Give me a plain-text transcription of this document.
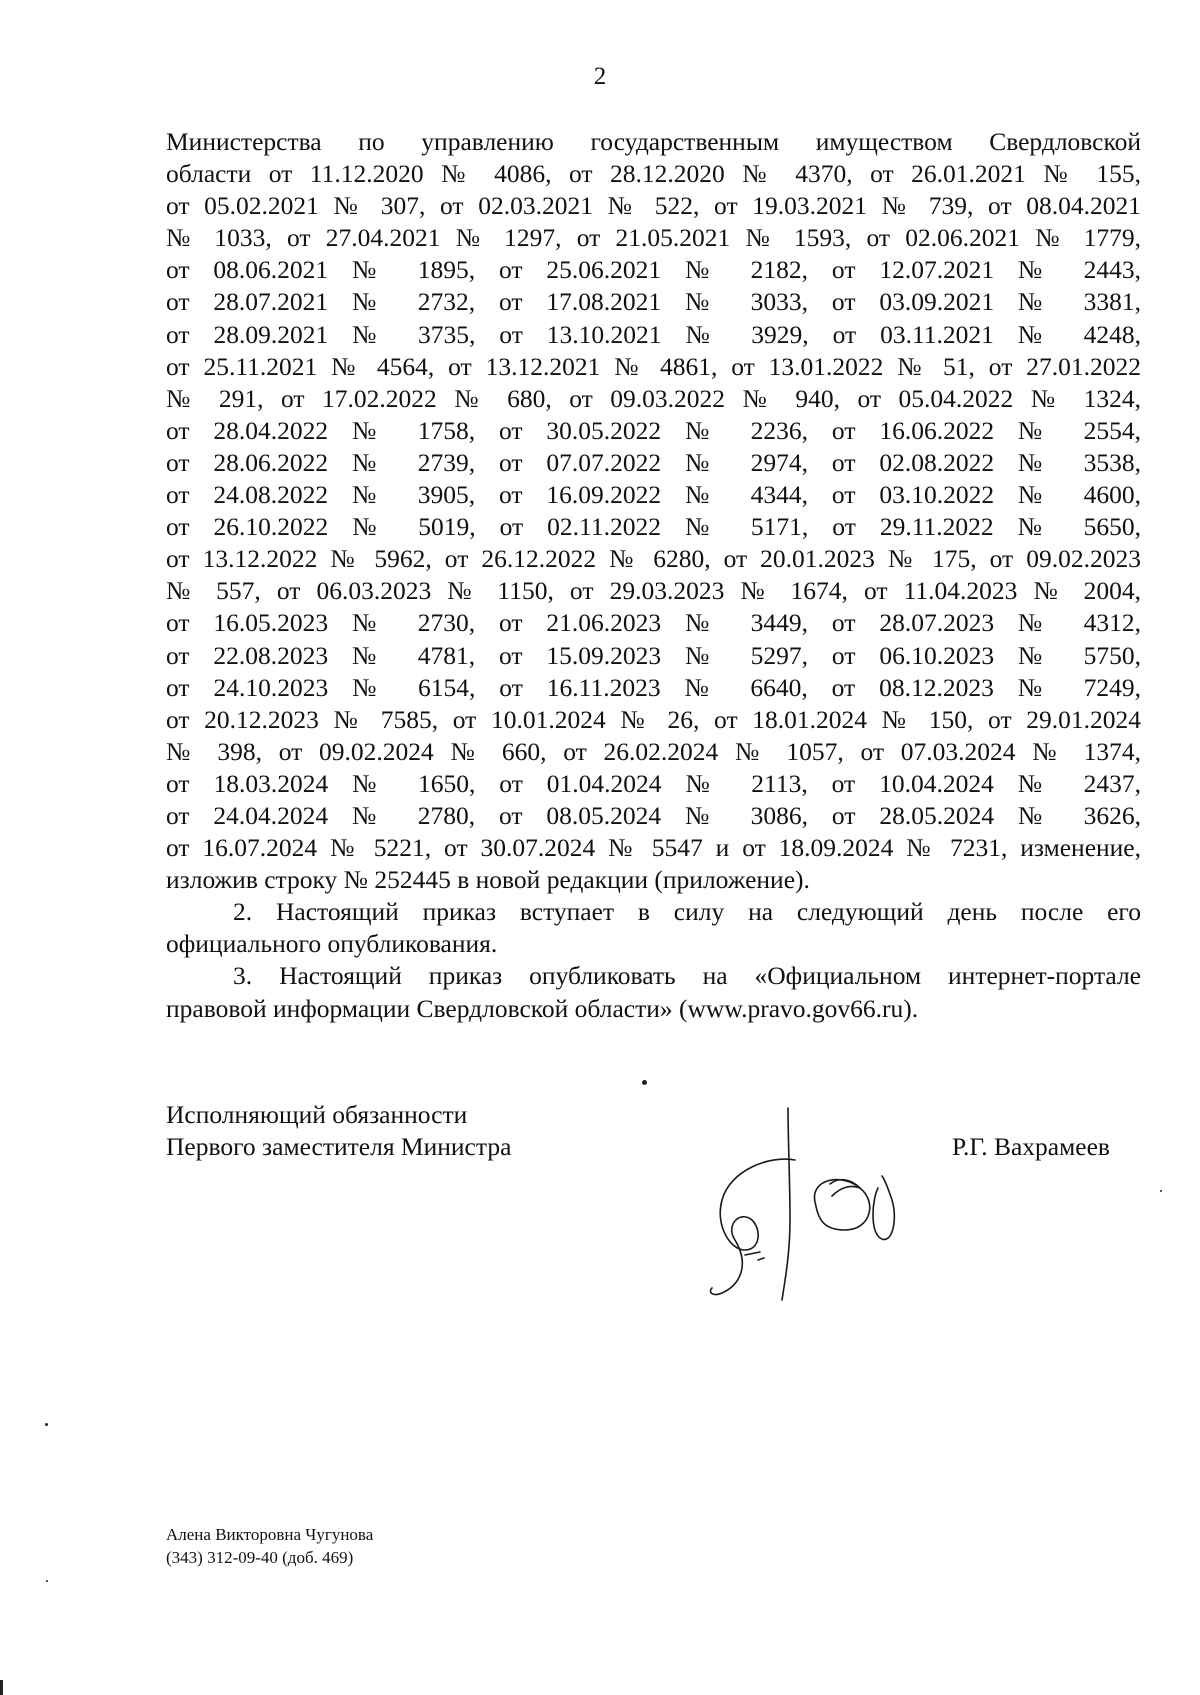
2

Министерства по управлению государственным имуществом Свердловской

области от 11.12.2020 № 4086, от 28.12.2020 № 4370, от 26.01.2021 № 155,

от 05.02.2021 № 307, от 02.03.2021 № 522, от 19.03.2021 № 739, от 08.04.2021

№ 1033, от 27.04.2021 № 1297, от 21.05.2021 № 1593, от 02.06.2021 № 1779,

от 08.06.2021 № 1895, от 25.06.2021 № 2182, от 12.07.2021 № 2443,

от 28.07.2021 № 2732, от 17.08.2021 № 3033, от 03.09.2021 № 3381,

от 28.09.2021 № 3735, от 13.10.2021 № 3929, от 03.11.2021 № 4248,

от 25.11.2021 № 4564, от 13.12.2021 № 4861, от 13.01.2022 № 51, от 27.01.2022

№ 291, от 17.02.2022 № 680, от 09.03.2022 № 940, от 05.04.2022 № 1324,

от 28.04.2022 № 1758, от 30.05.2022 № 2236, от 16.06.2022 № 2554,

от 28.06.2022 № 2739, от 07.07.2022 № 2974, от 02.08.2022 № 3538,

от 24.08.2022 № 3905, от 16.09.2022 № 4344, от 03.10.2022 № 4600,

от 26.10.2022 № 5019, от 02.11.2022 № 5171, от 29.11.2022 № 5650,

от 13.12.2022 № 5962, от 26.12.2022 № 6280, от 20.01.2023 № 175, от 09.02.2023

№ 557, от 06.03.2023 № 1150, от 29.03.2023 № 1674, от 11.04.2023 № 2004,

от 16.05.2023 № 2730, от 21.06.2023 № 3449, от 28.07.2023 № 4312,

от 22.08.2023 № 4781, от 15.09.2023 № 5297, от 06.10.2023 № 5750,

от 24.10.2023 № 6154, от 16.11.2023 № 6640, от 08.12.2023 № 7249,

от 20.12.2023 № 7585, от 10.01.2024 № 26, от 18.01.2024 № 150, от 29.01.2024

№ 398, от 09.02.2024 № 660, от 26.02.2024 № 1057, от 07.03.2024 № 1374,

от 18.03.2024 № 1650, от 01.04.2024 № 2113, от 10.04.2024 № 2437,

от 24.04.2024 № 2780, от 08.05.2024 № 3086, от 28.05.2024 № 3626,

от 16.07.2024 № 5221, от 30.07.2024 № 5547 и от 18.09.2024 № 7231, изменение,

изложив строку № 252445 в новой редакции (приложение).

2. Настоящий приказ вступает в силу на следующий день после его

официального опубликования.

3. Настоящий приказ опубликовать на «Официальном интернет-портале

правовой информации Свердловской области» (www.pravo.gov66.ru).

Исполняющий обязанности
Первого заместителя Министра	Р.Г. Вахрамеев
Алена Викторовна Чугунова
(343) 312-09-40 (доб. 469)
